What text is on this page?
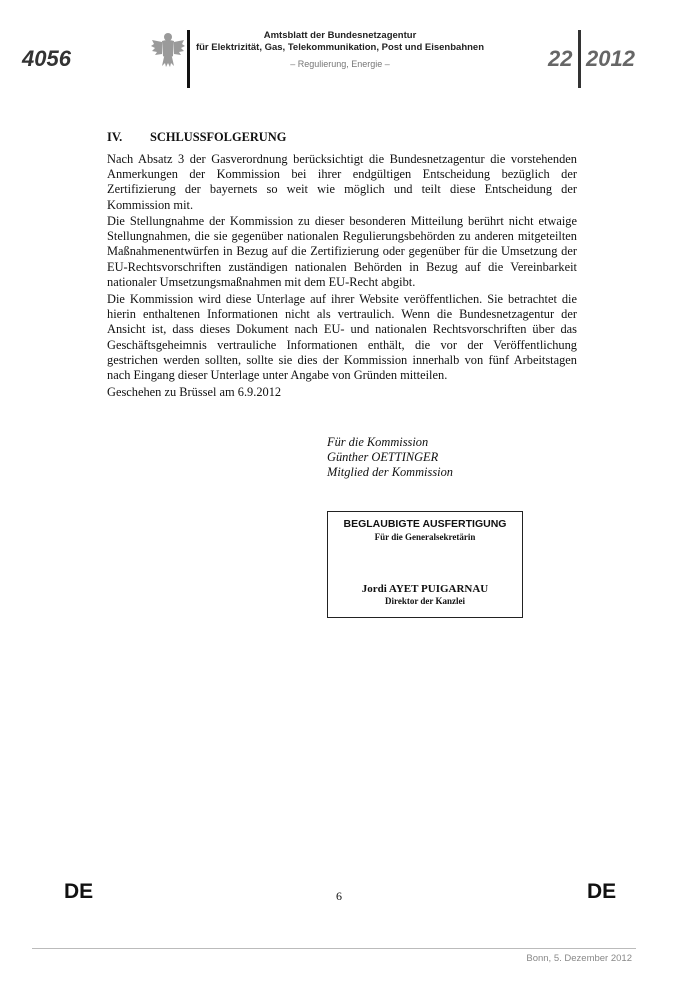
4056
Amtsblatt der Bundesnetzagentur
für Elektrizität, Gas, Telekommunikation, Post und Eisenbahnen
– Regulierung, Energie –	22 2012
IV. SCHLUSSFOLGERUNG

Nach Absatz 3 der Gasverordnung berücksichtigt die Bundesnetzagentur die vorstehenden Anmerkungen der Kommission bei ihrer endgültigen Entscheidung bezüglich der Zertifizierung der bayernets so weit wie möglich und teilt diese Entscheidung der Kommission mit.

Die Stellungnahme der Kommission zu dieser besonderen Mitteilung berührt nicht etwaige Stellungnahmen, die sie gegenüber nationalen Regulierungsbehörden zu anderen mitgeteilten Maßnahmenentwürfen in Bezug auf die Zertifizierung oder gegenüber für die Umsetzung der EU-Rechtsvorschriften zuständigen nationalen Behörden in Bezug auf die Vereinbarkeit nationaler Umsetzungsmaßnahmen mit dem EU-Recht abgibt.

Die Kommission wird diese Unterlage auf ihrer Website veröffentlichen. Sie betrachtet die hierin enthaltenen Informationen nicht als vertraulich. Wenn die Bundesnetzagentur der Ansicht ist, dass dieses Dokument nach EU- und nationalen Rechtsvorschriften über das Geschäftsgeheimnis vertrauliche Informationen enthält, die vor der Veröffentlichung gestrichen werden sollten, sollte sie dies der Kommission innerhalb von fünf Arbeitstagen nach Eingang dieser Unterlage unter Angabe von Gründen mitteilen.

Geschehen zu Brüssel am 6.9.2012

Für die Kommission
Günther OETTINGER
Mitglied der Kommission
BEGLAUBIGTE AUSFERTIGUNG
Für die Generalsekretärin
Jordi AYET PUIGARNAU
Direktor der Kanzlei
DE	6	DE
Bonn, 5. Dezember 2012
